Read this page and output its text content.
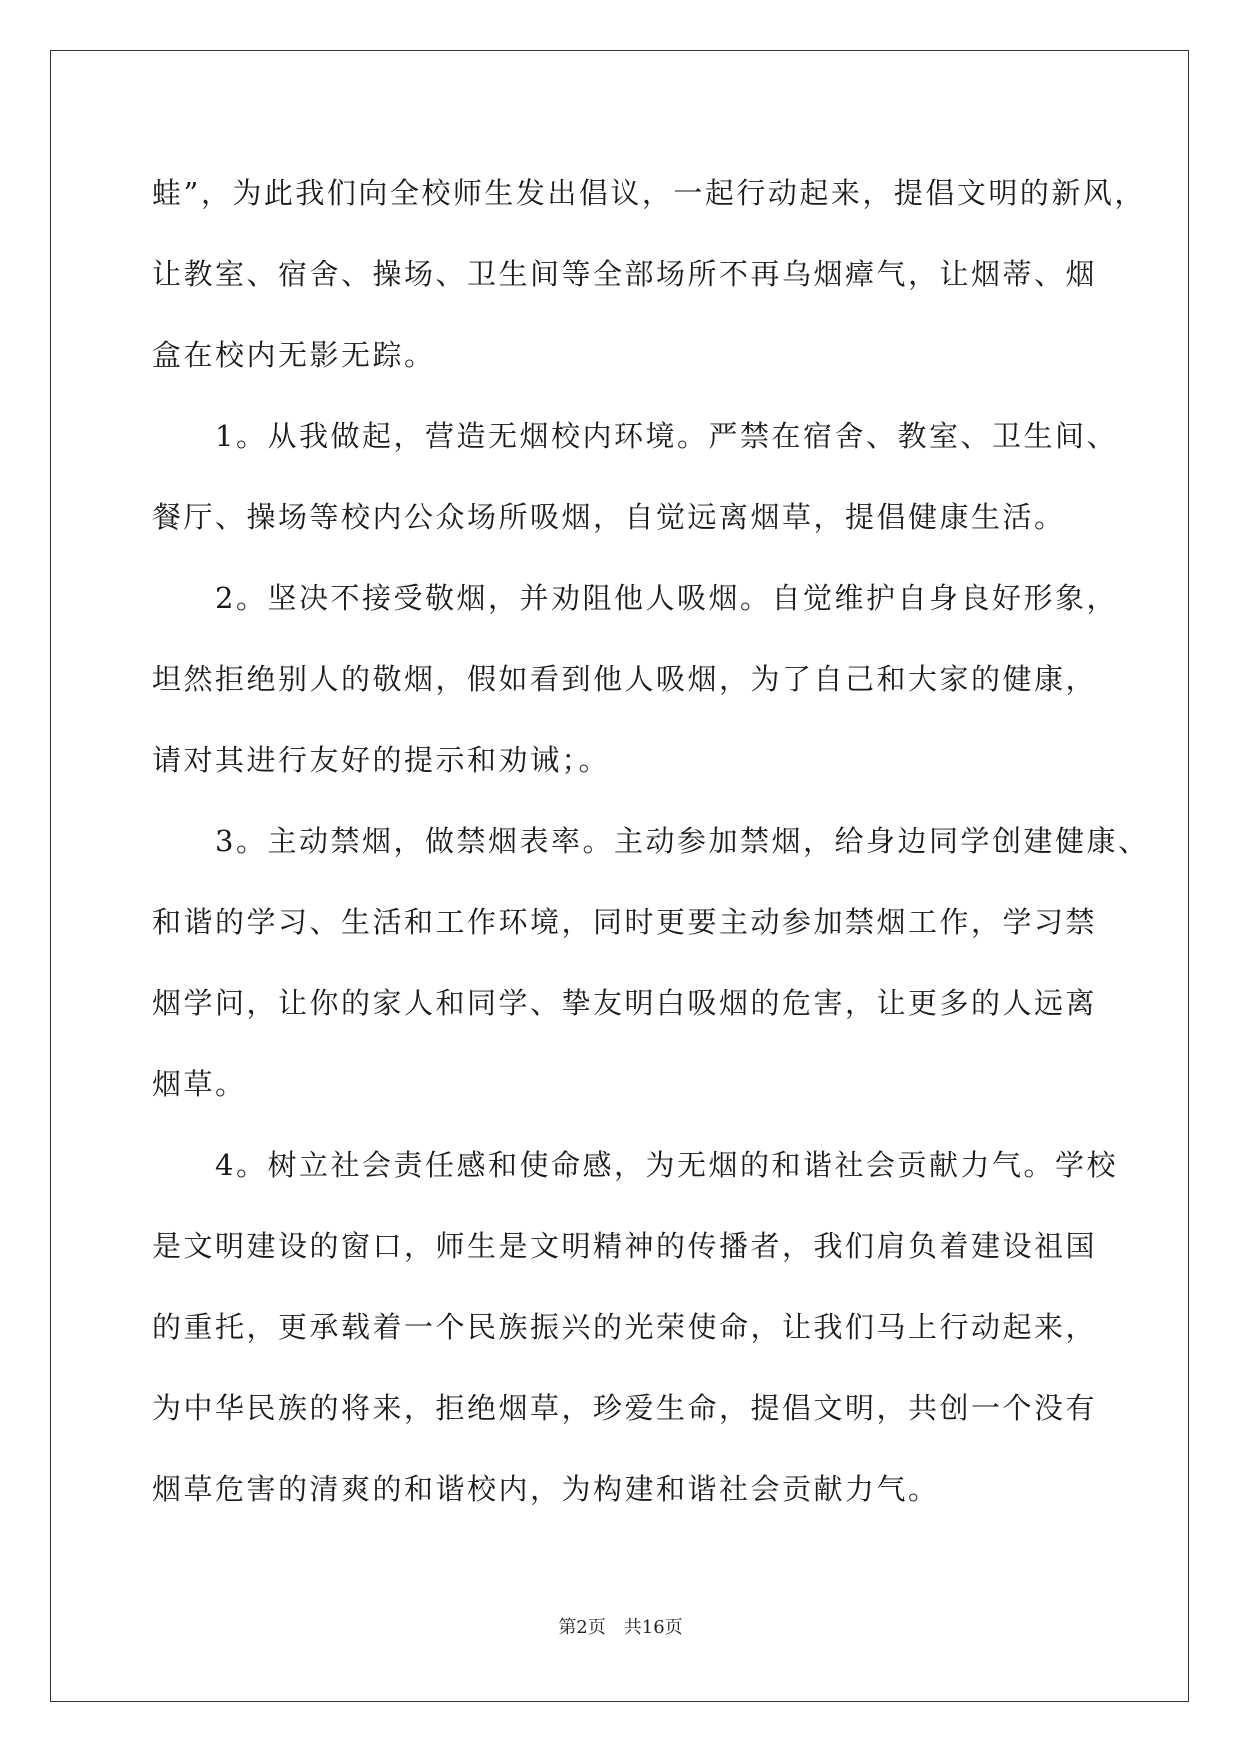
蛙”，为此我们向全校师生发出倡议，一起行动起来，提倡文明的新风，
让教室、宿舍、操场、卫生间等全部场所不再乌烟瘴气，让烟蒂、烟
盒在校内无影无踪。
　　1。从我做起，营造无烟校内环境。严禁在宿舍、教室、卫生间、
餐厅、操场等校内公众场所吸烟，自觉远离烟草，提倡健康生活。
　　2。坚决不接受敬烟，并劝阻他人吸烟。自觉维护自身良好形象，
坦然拒绝别人的敬烟，假如看到他人吸烟，为了自己和大家的健康，
请对其进行友好的提示和劝诫；。
　　3。主动禁烟，做禁烟表率。主动参加禁烟，给身边同学创建健康、
和谐的学习、生活和工作环境，同时更要主动参加禁烟工作，学习禁
烟学问，让你的家人和同学、挚友明白吸烟的危害，让更多的人远离
烟草。
　　4。树立社会责任感和使命感，为无烟的和谐社会贡献力气。学校
是文明建设的窗口，师生是文明精神的传播者，我们肩负着建设祖国
的重托，更承载着一个民族振兴的光荣使命，让我们马上行动起来，
为中华民族的将来，拒绝烟草，珍爱生命，提倡文明，共创一个没有
烟草危害的清爽的和谐校内，为构建和谐社会贡献力气。
第2页　共16页
